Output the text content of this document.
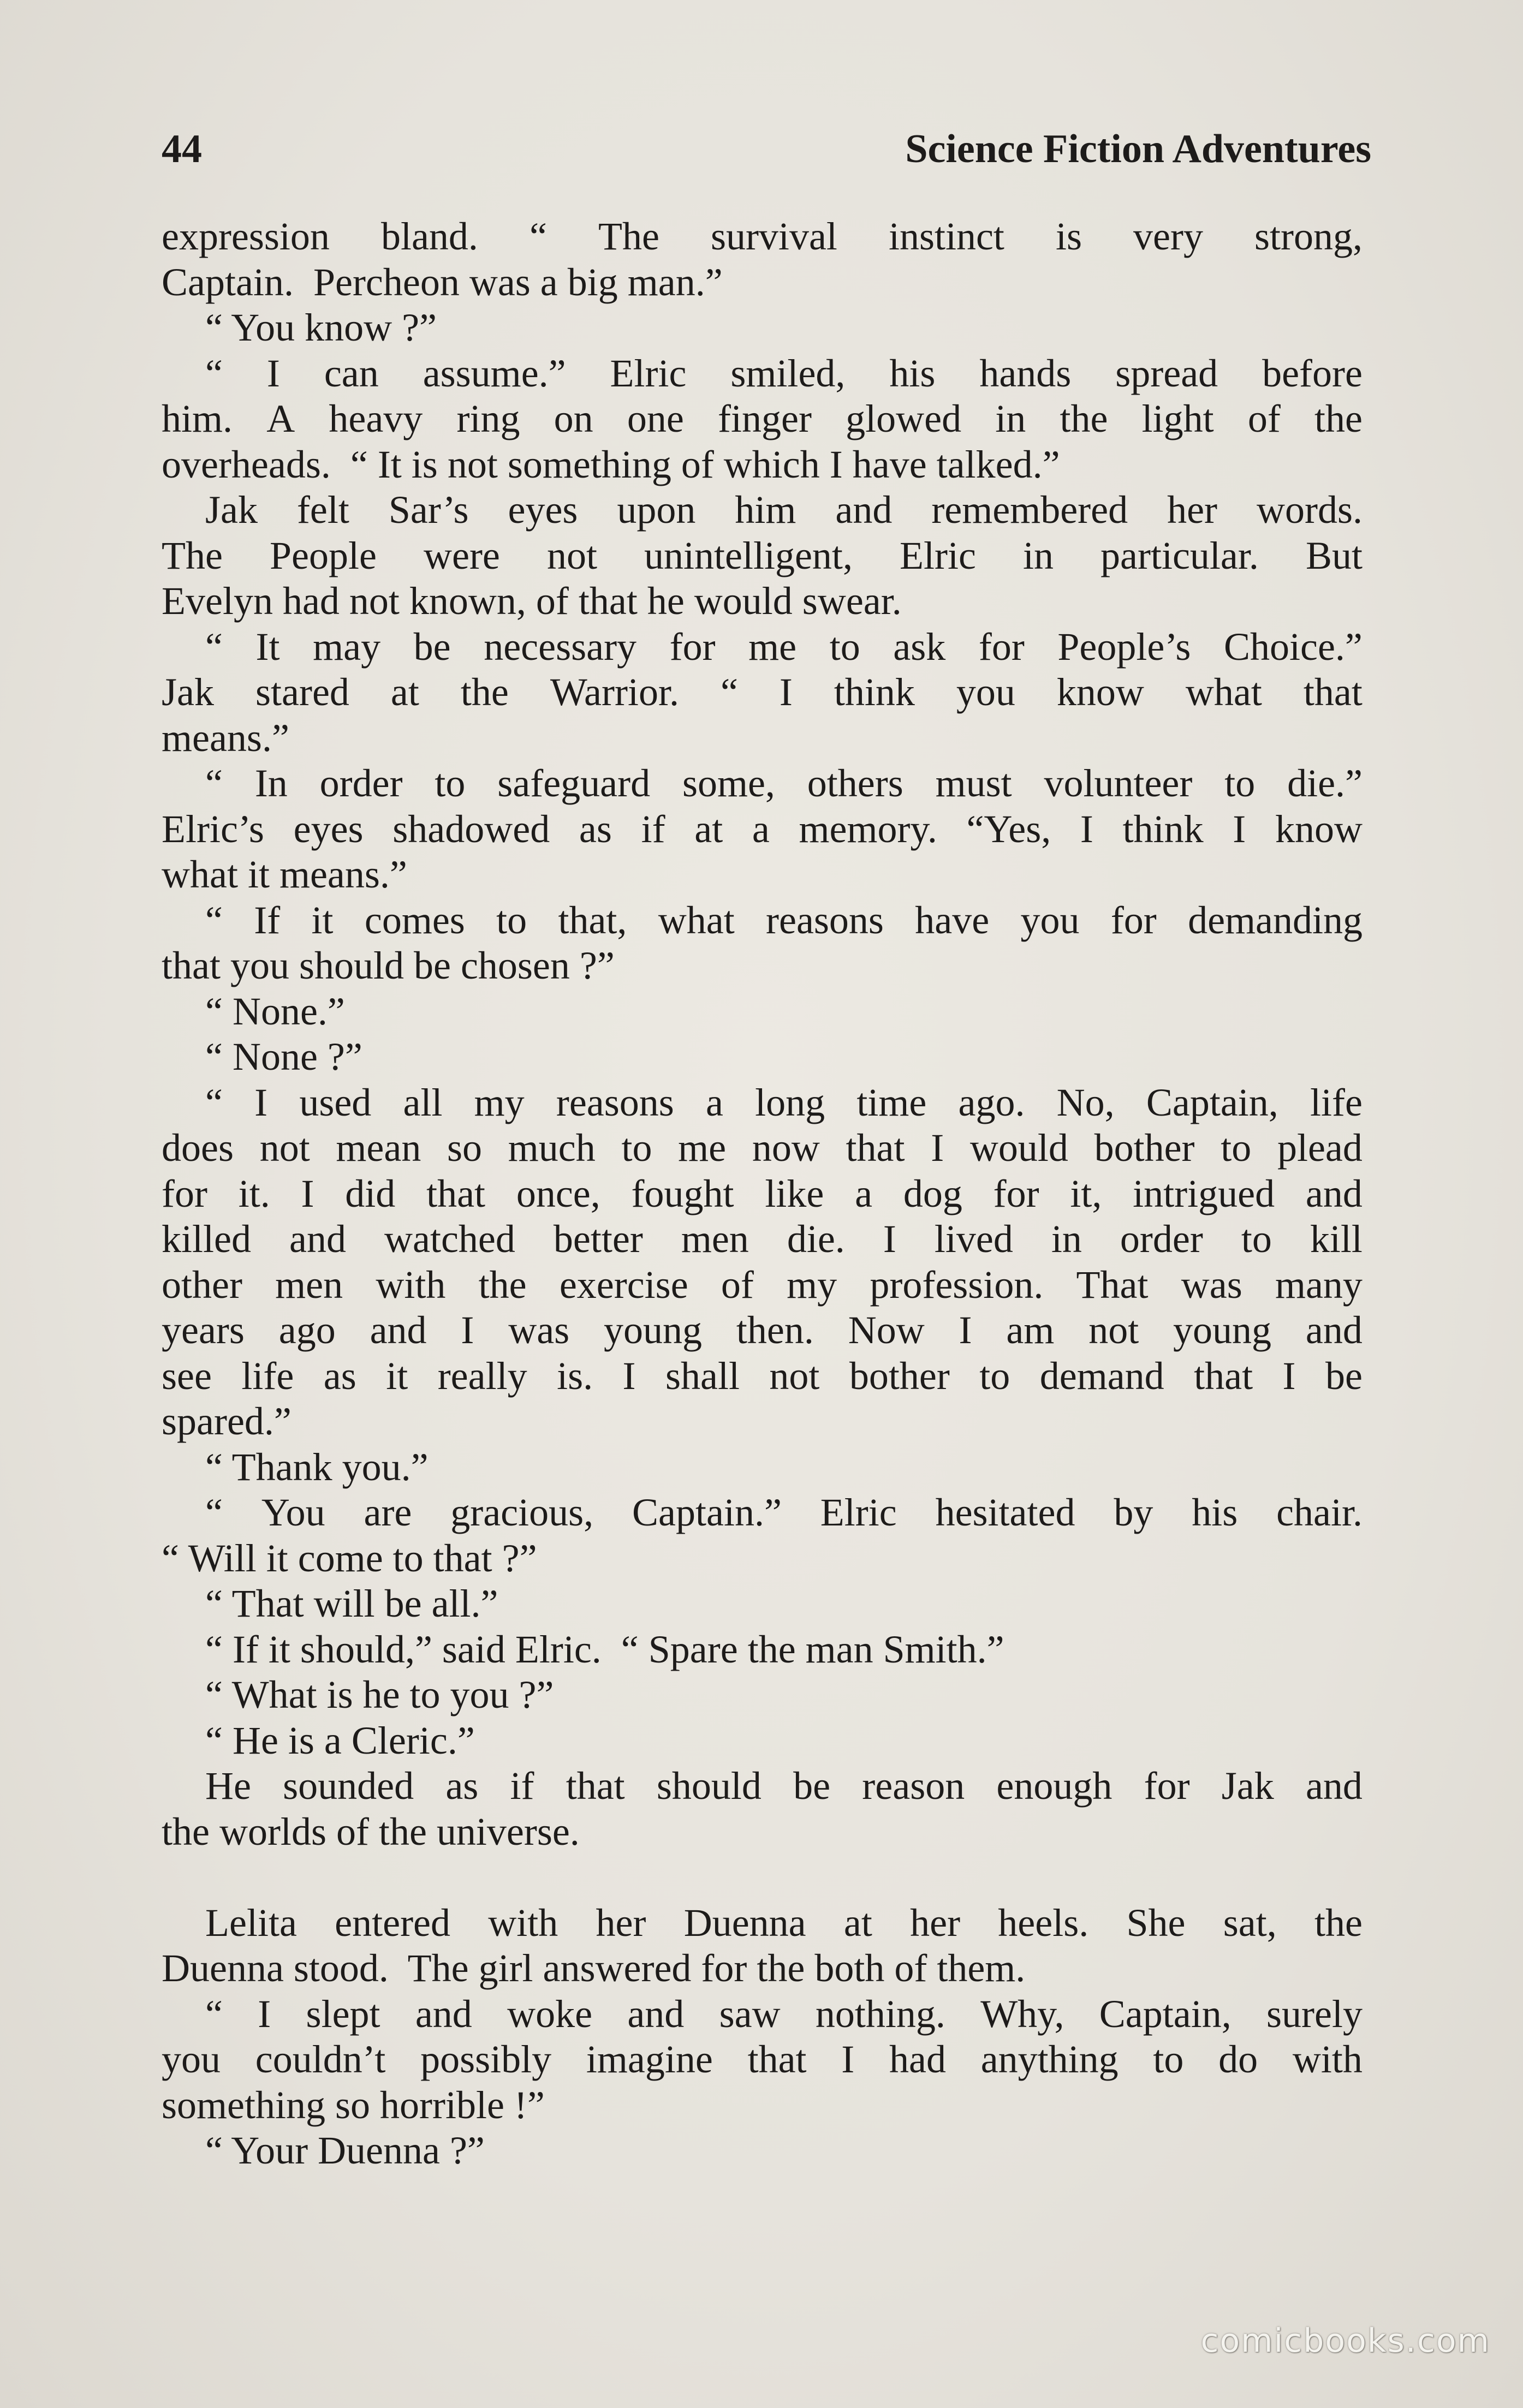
44	Science Fiction Adventures
expression bland. “ The survival instinct is very strong,
Captain.  Percheon was a big man.”
“ You know ?”
“ I can assume.” Elric smiled, his hands spread before
him. A heavy ring on one finger glowed in the light of the
overheads.  “ It is not something of which I have talked.”
Jak felt Sar’s eyes upon him and remembered her words.
The People were not unintelligent, Elric in particular. But
Evelyn had not known, of that he would swear.
“ It may be necessary for me to ask for People’s Choice.”
Jak stared at the Warrior. “ I think you know what that
means.”
“ In order to safeguard some, others must volunteer to die.”
Elric’s eyes shadowed as if at a memory. “Yes, I think I know
what it means.”
“ If it comes to that, what reasons have you for demanding
that you should be chosen ?”
“ None.”
“ None ?”
“ I used all my reasons a long time ago. No, Captain, life
does not mean so much to me now that I would bother to plead
for it. I did that once, fought like a dog for it, intrigued and
killed and watched better men die. I lived in order to kill
other men with the exercise of my profession. That was many
years ago and I was young then. Now I am not young and
see life as it really is. I shall not bother to demand that I be
spared.”
“ Thank you.”
“ You are gracious, Captain.” Elric hesitated by his chair.
“ Will it come to that ?”
“ That will be all.”
“ If it should,” said Elric.  “ Spare the man Smith.”
“ What is he to you ?”
“ He is a Cleric.”
He sounded as if that should be reason enough for Jak and
the worlds of the universe.
Lelita entered with her Duenna at her heels. She sat, the
Duenna stood.  The girl answered for the both of them.
“ I slept and woke and saw nothing. Why, Captain, surely
you couldn’t possibly imagine that I had anything to do with
something so horrible !”
“ Your Duenna ?”
comicbooks.com
